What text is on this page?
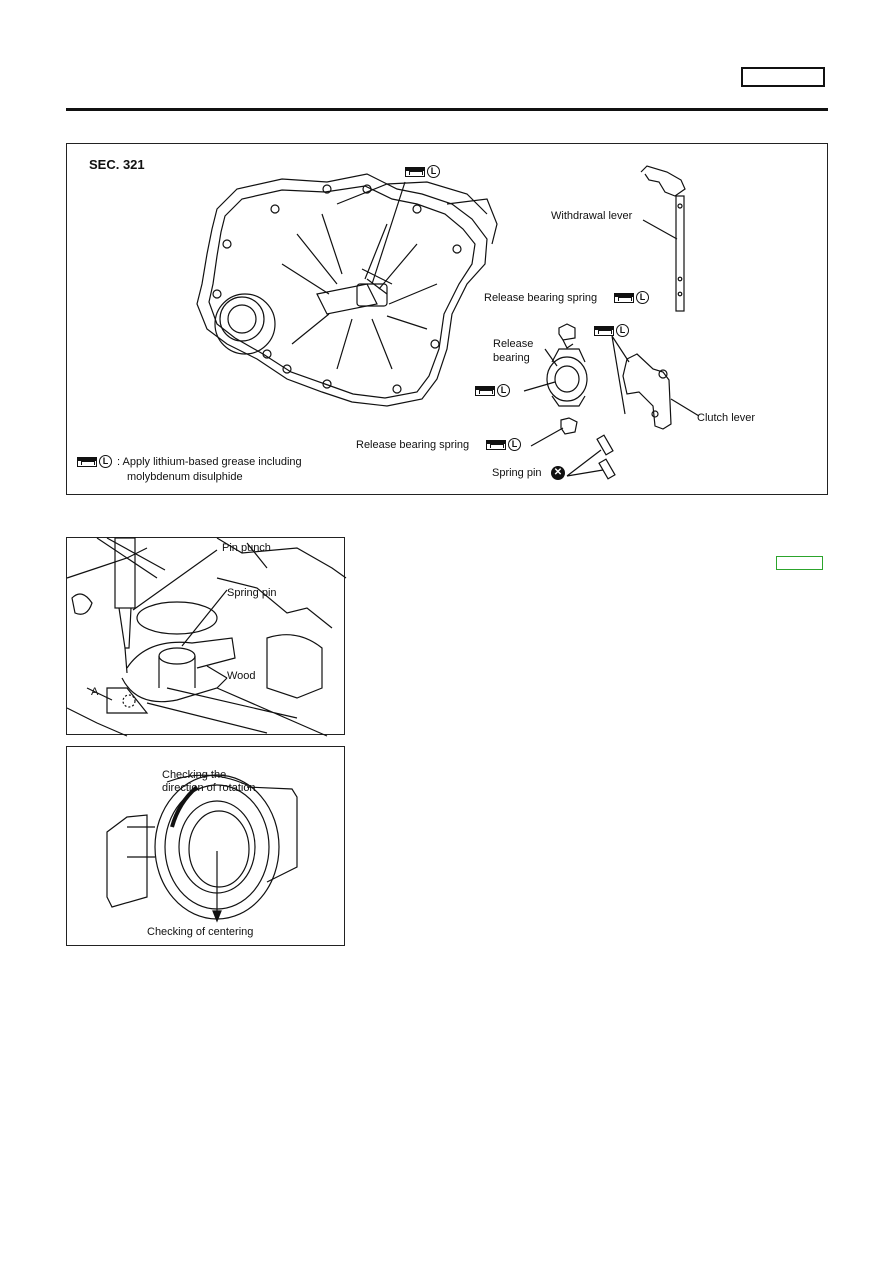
SEC. 321	L
Withdrawal lever
Release bearing spring	L
L
Release
bearing
L
Clutch lever
Release bearing spring	L
Spring pin ✕
L : Apply lithium-based grease including
molybdenum disulphide
Pin punch
Spring pin
Wood
A
Checking the
direction of rotation
Checking of centering
